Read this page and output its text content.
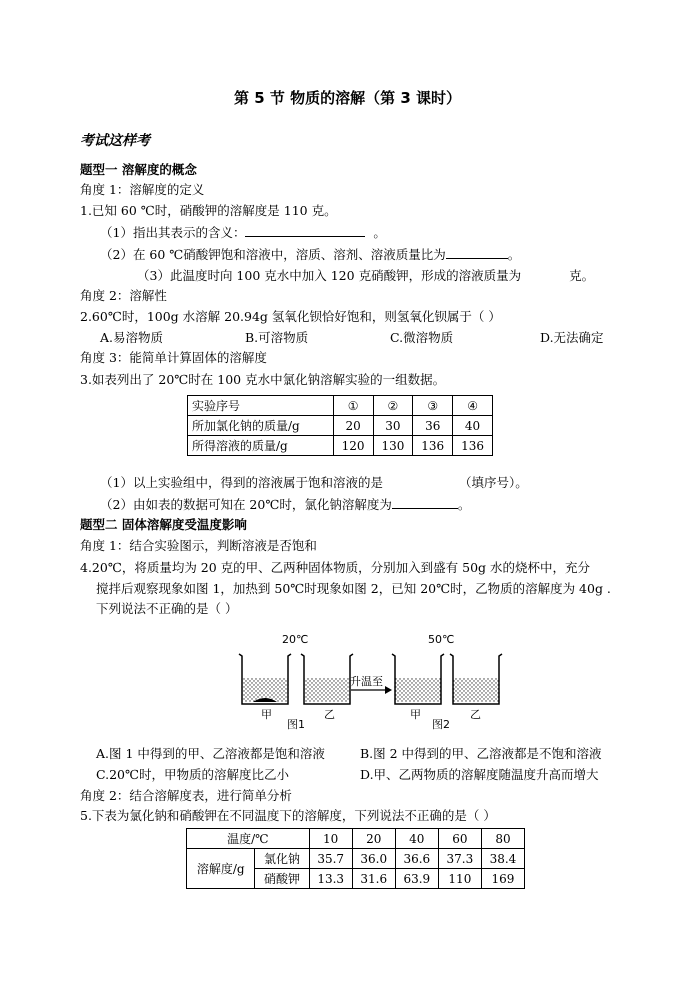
第 5 节 物质的溶解（第 3 课时）
考试这样考
题型一 溶解度的概念
角度 1：溶解度的定义
1.已知 60 ℃时，硝酸钾的溶解度是 110 克。
（1）指出其表示的含义：	。
（2）在 60 ℃硝酸钾饱和溶液中，溶质、溶剂、溶液质量比为	。
（3）此温度时向 100 克水中加入 120 克硝酸钾，形成的溶液质量为	克。
角度 2：溶解性
2.60℃时，100g 水溶解 20.94g 氢氧化钡恰好饱和，则氢氧化钡属于（ ）
A.易溶物质	B.可溶物质	C.微溶物质	D.无法确定
角度 3：能简单计算固体的溶解度
3.如表列出了 20℃时在 100 克水中氯化钠溶解实验的一组数据。
实验序号	①	②	③	④
所加氯化钠的质量/g	20	30	36	40
所得溶液的质量/g	120	130	136	136
（1）以上实验组中，得到的溶液属于饱和溶液的是	（填序号）。
（2）由如表的数据可知在 20℃时，氯化钠溶解度为	。
题型二 固体溶解度受温度影响
角度 1：结合实验图示，判断溶液是否饱和
4.20℃，将质量均为 20 克的甲、乙两种固体物质，分别加入到盛有 50g 水的烧杯中，充分
搅拌后观察现象如图 1，加热到 50℃时现象如图 2，已知 20℃时，乙物质的溶解度为 40g .
下列说法不正确的是（ ）
20℃	50℃
升温至
甲	乙	甲	乙
图1	图2
A.图 1 中得到的甲、乙溶液都是饱和溶液	B.图 2 中得到的甲、乙溶液都是不饱和溶液
C.20℃时，甲物质的溶解度比乙小	D.甲、乙两物质的溶解度随温度升高而增大
角度 2：结合溶解度表，进行简单分析
5.下表为氯化钠和硝酸钾在不同温度下的溶解度，下列说法不正确的是（ ）
温度/℃		10	20	40	60	80
溶解度/g	氯化钠	35.7	36.0	36.6	37.3	38.4
	硝酸钾	13.3	31.6	63.9	110	169
